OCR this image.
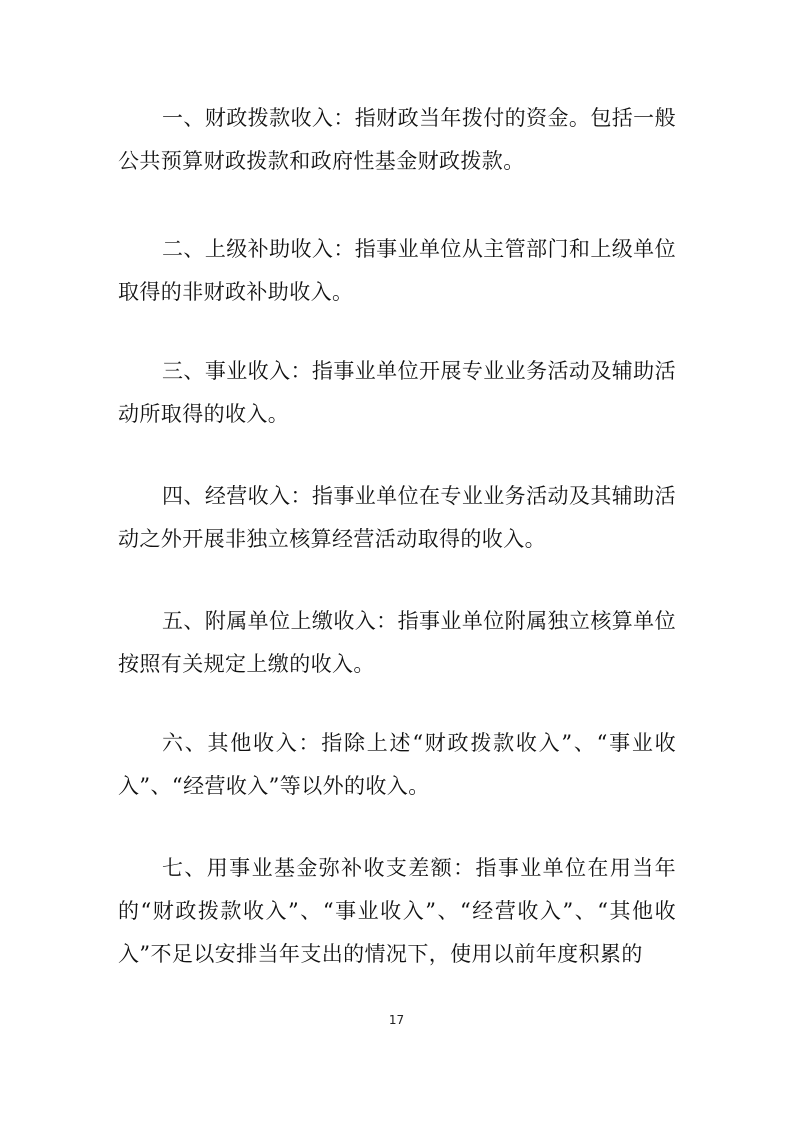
一、财政拨款收入：指财政当年拨付的资金。包括一般公共预算财政拨款和政府性基金财政拨款。

二、上级补助收入：指事业单位从主管部门和上级单位取得的非财政补助收入。

三、事业收入：指事业单位开展专业业务活动及辅助活动所取得的收入。

四、经营收入：指事业单位在专业业务活动及其辅助活动之外开展非独立核算经营活动取得的收入。

五、附属单位上缴收入：指事业单位附属独立核算单位按照有关规定上缴的收入。

六、其他收入：指除上述“财政拨款收入”、“事业收入”、“经营收入”等以外的收入。

七、用事业基金弥补收支差额：指事业单位在用当年的“财政拨款收入”、“事业收入”、“经营收入”、“其他收入”不足以安排当年支出的情况下，使用以前年度积累的

17
